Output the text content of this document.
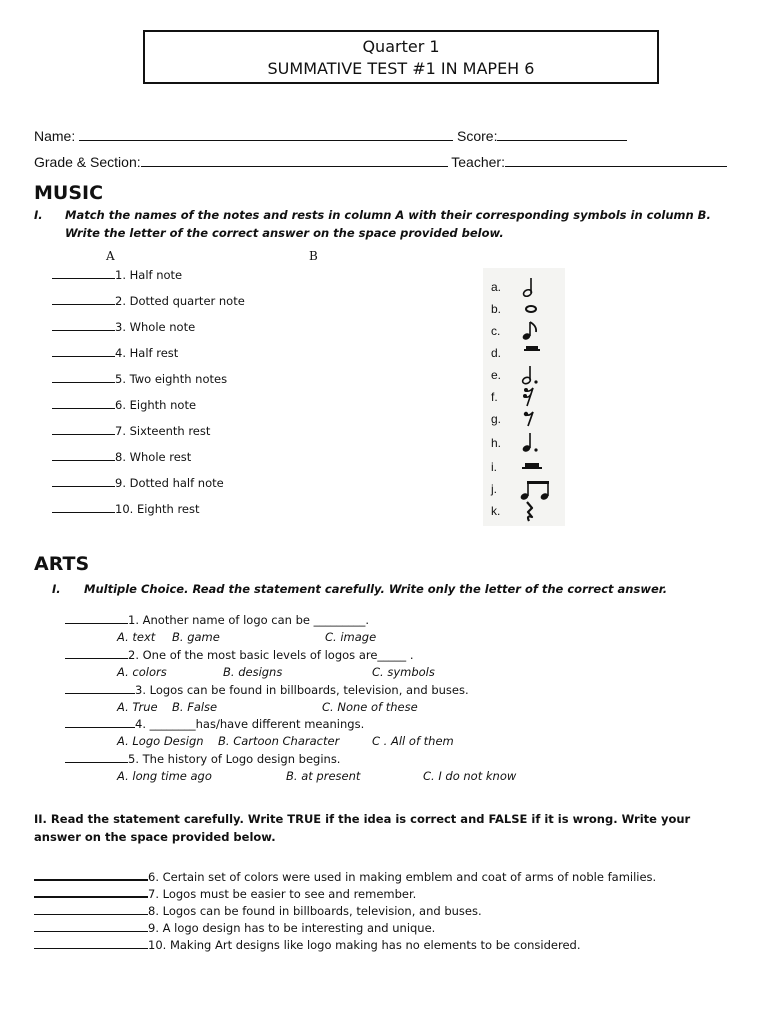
Quarter 1
SUMMATIVE TEST #1 IN MAPEH 6
Name:	Score:
Grade & Section:	Teacher:
MUSIC
I. Match the names of the notes and rests in column A with their corresponding symbols in column B.
Write the letter of the correct answer on the space provided below.
A	B
1. Half note
2. Dotted quarter note
3. Whole note
4. Half rest
5. Two eighth notes
6. Eighth note
7. Sixteenth rest
8. Whole rest
9. Dotted half note
10. Eighth rest
a.
b.
c.
d.
e.
f.
g.
h.
i.
j.
k.
ARTS
I. Multiple Choice. Read the statement carefully. Write only the letter of the correct answer.
1. Another name of logo can be _________.
A. text B. game	C. image
2. One of the most basic levels of logos are_____ .
A. colors	B. designs	C. symbols
3. Logos can be found in billboards, television, and buses.
A. True B. False	C. None of these
4. ________has/have different meanings.
A. Logo Design B. Cartoon Character	C . All of them
5. The history of Logo design begins.
A. long time ago	B. at present	C. I do not know
II. Read the statement carefully. Write TRUE if the idea is correct and FALSE if it is wrong. Write your
answer on the space provided below.
6. Certain set of colors were used in making emblem and coat of arms of noble families.
7. Logos must be easier to see and remember.
8. Logos can be found in billboards, television, and buses.
9. A logo design has to be interesting and unique.
10. Making Art designs like logo making has no elements to be considered.
